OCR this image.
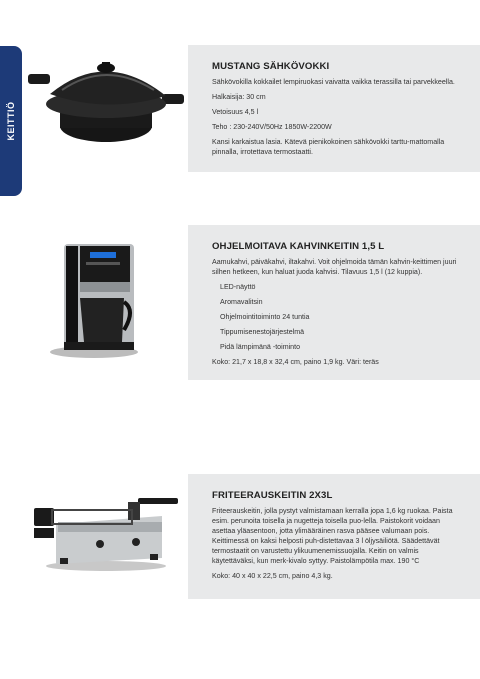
KEITTIÖ
MUSTANG SÄHKÖVOKKI
Sähkövokilla kokkailet lempiruokasi vaivatta vaikka terassilla tai parvekkeella.
Halkaisija: 30 cm
Vetoisuus 4,5 l
Teho : 230-240V/50Hz 1850W-2200W
Kansi karkaistua lasia. Kätevä pienikokoinen sähkövokki tarttu-mattomalla pinnalla, irrotettava termostaatti.
OHJELMOITAVA KAHVINKEITIN 1,5 L
Aamukahvi, päiväkahvi, iltakahvi. Voit ohjelmoida tämän kahvin-keittimen juuri silhen hetkeen, kun haluat juoda kahvisi. Tilavuus 1,5 l (12 kuppia).
LED-näyttö
Aromavalitsin
Ohjelmointitoiminto 24 tuntia
Tippumisenestojärjestelmä
Pidä lämpimänä -toiminto
Koko: 21,7 x 18,8 x 32,4 cm, paino 1,9 kg. Väri: teräs
FRITEERAUSKEITIN 2X3L
Friteerauskeitin, jolla pystyt valmistamaan kerralla jopa 1,6 kg ruokaa. Paista esim. perunoita toisella ja nugetteja toisella puo-lella. Paistokorit voidaan asettaa yläasentoon, jotta ylimääräinen rasva pääsee valumaan pois. Keittimessä on kaksi helposti puh-distettavaa 3 l öljysäiliötä. Säädettävät termostaatit on varustettu ylikuumenemissuojalla. Keitin on valmis käytettäväksi, kun merk-kivalo syttyy. Paistolämpötila max. 190 °C
Koko: 40 x 40 x 22,5 cm, paino 4,3 kg.
